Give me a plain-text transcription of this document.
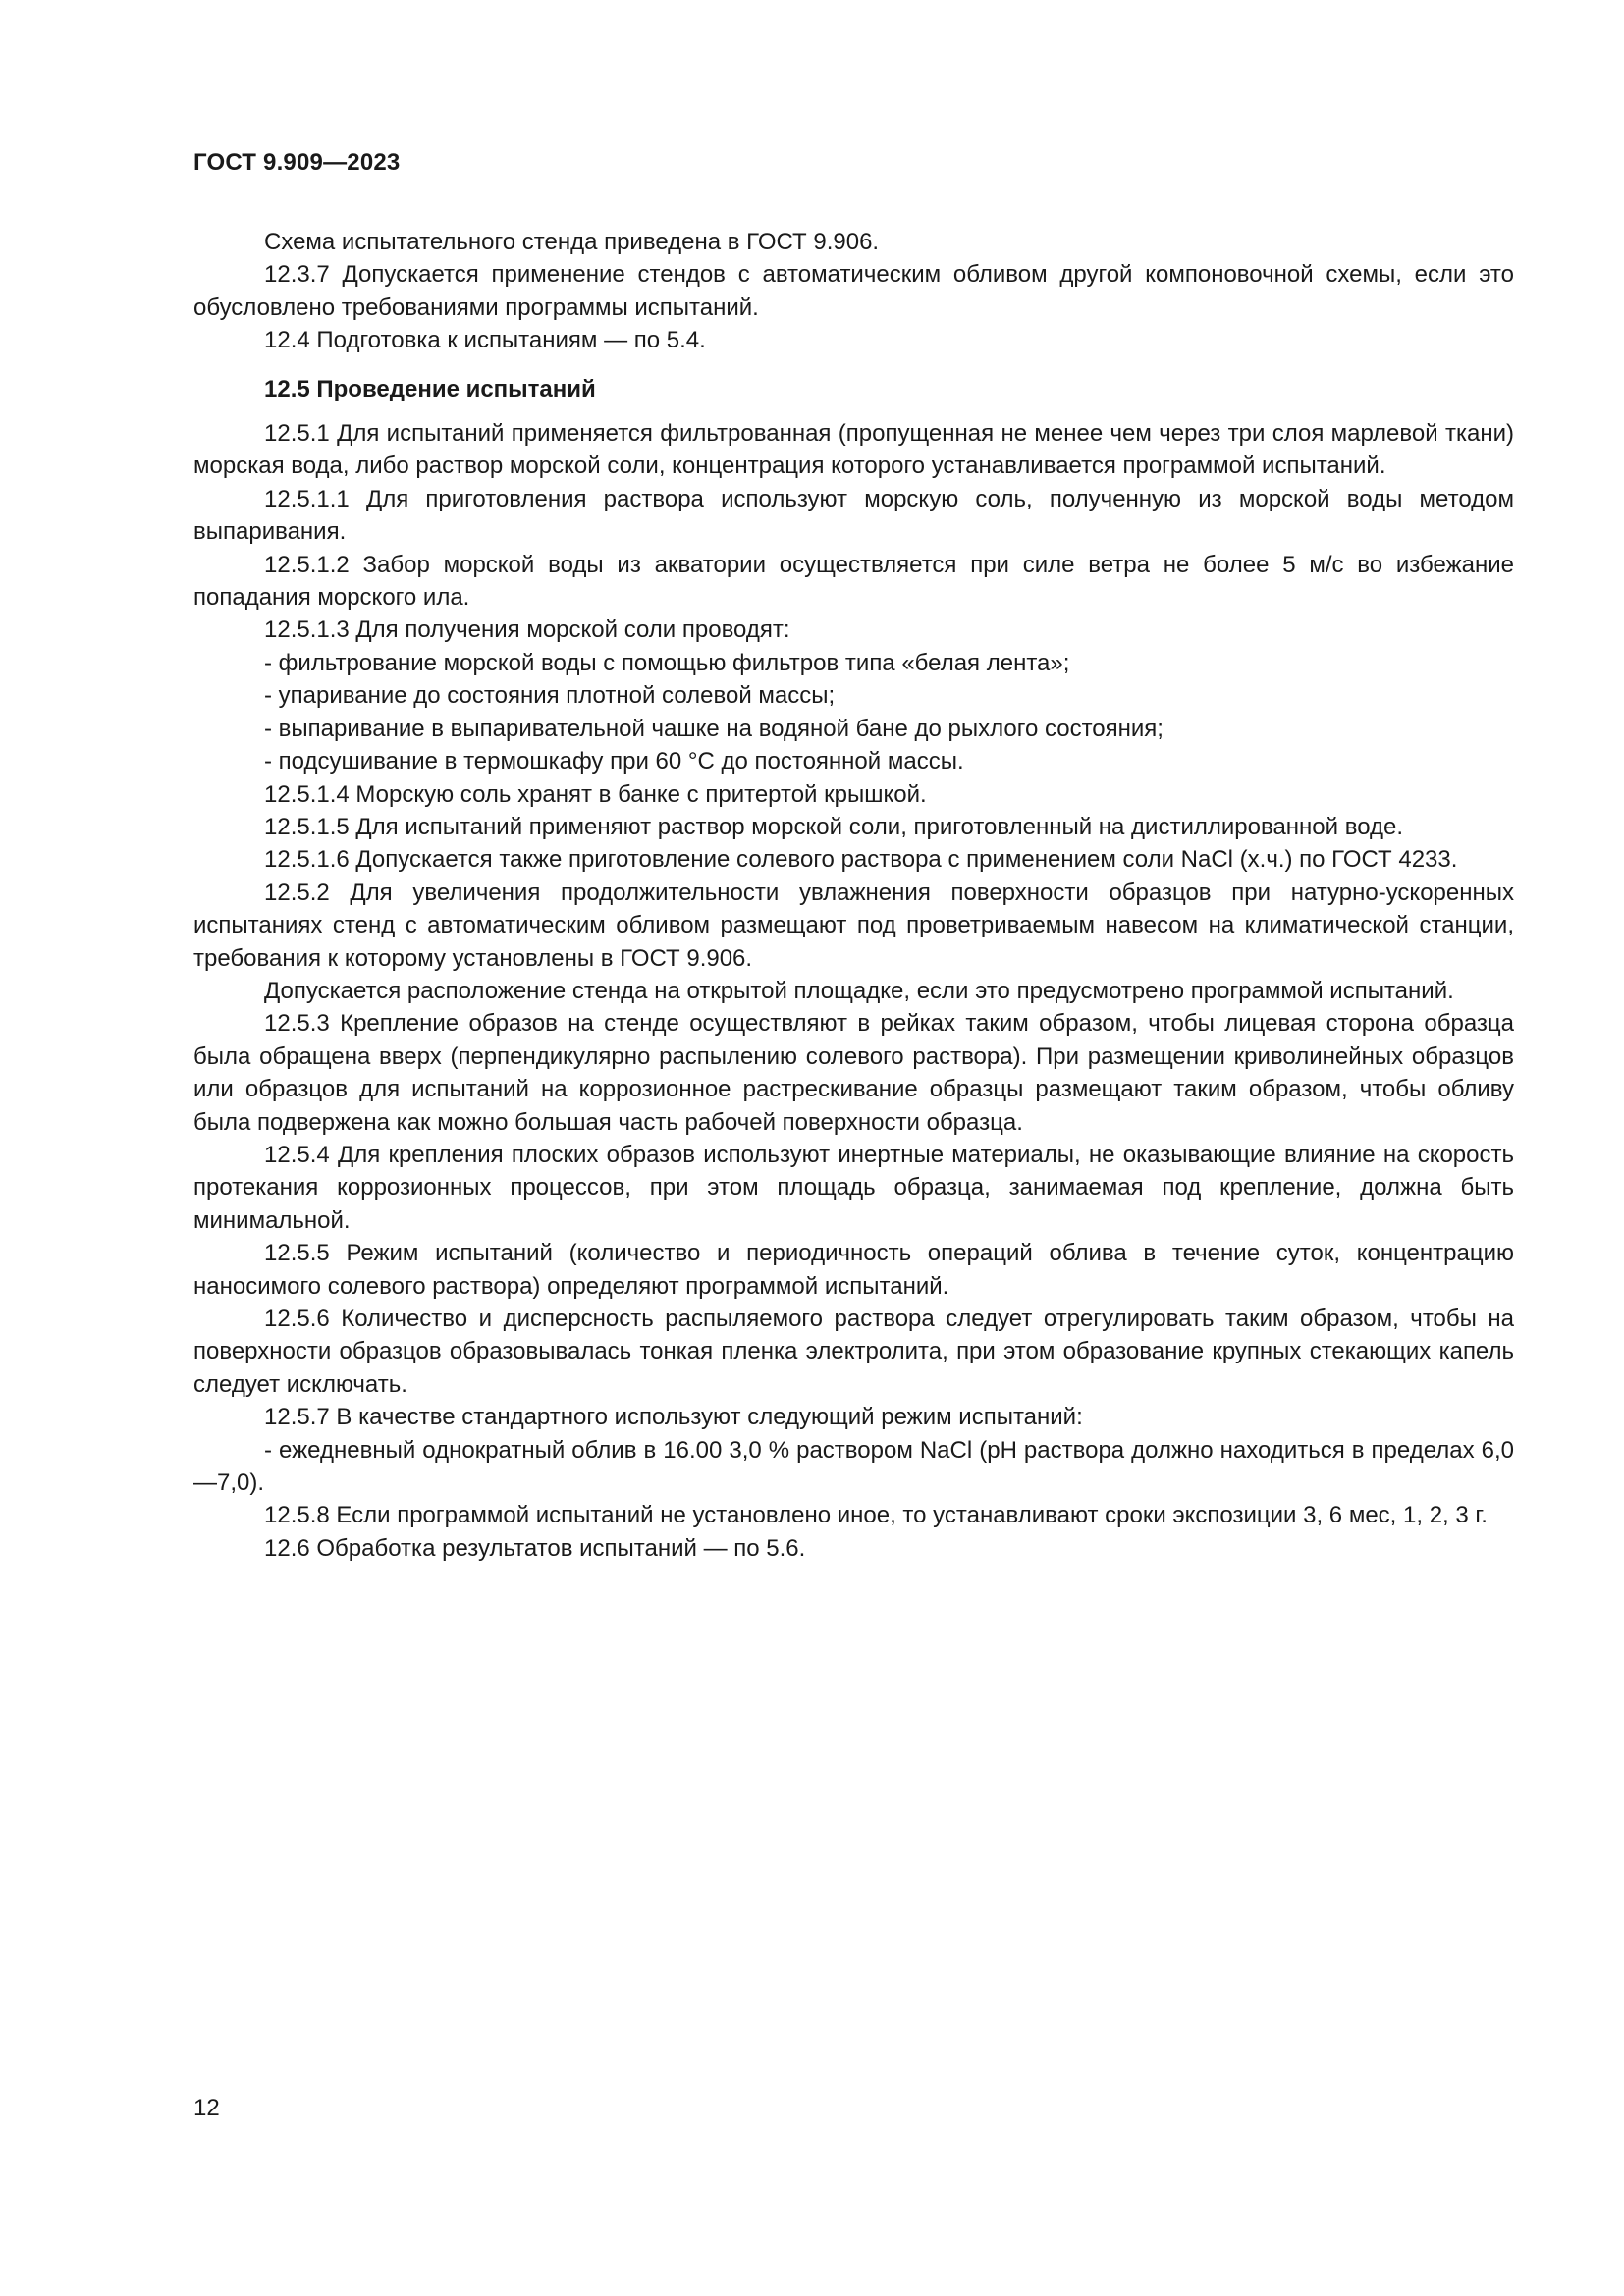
ГОСТ 9.909—2023

Схема испытательного стенда приведена в ГОСТ 9.906.

12.3.7 Допускается применение стендов с автоматическим обливом другой компоновочной схемы, если это обусловлено требованиями программы испытаний.

12.4 Подготовка к испытаниям — по 5.4.

12.5 Проведение испытаний

12.5.1 Для испытаний применяется фильтрованная (пропущенная не менее чем через три слоя марлевой ткани) морская вода, либо раствор морской соли, концентрация которого устанавливается программой испытаний.

12.5.1.1 Для приготовления раствора используют морскую соль, полученную из морской воды методом выпаривания.

12.5.1.2 Забор морской воды из акватории осуществляется при силе ветра не более 5 м/с во избежание попадания морского ила.

12.5.1.3 Для получения морской соли проводят:

- фильтрование морской воды с помощью фильтров типа «белая лента»;

- упаривание до состояния плотной солевой массы;

- выпаривание в выпаривательной чашке на водяной бане до рыхлого состояния;

- подсушивание в термошкафу при 60 °С до постоянной массы.

12.5.1.4 Морскую соль хранят в банке с притертой крышкой.

12.5.1.5 Для испытаний применяют раствор морской соли, приготовленный на дистиллированной воде.

12.5.1.6 Допускается также приготовление солевого раствора с применением соли NaCl (х.ч.) по ГОСТ 4233.

12.5.2 Для увеличения продолжительности увлажнения поверхности образцов при натурно-ускоренных испытаниях стенд с автоматическим обливом размещают под проветриваемым навесом на климатической станции, требования к которому установлены в ГОСТ 9.906.

Допускается расположение стенда на открытой площадке, если это предусмотрено программой испытаний.

12.5.3 Крепление образов на стенде осуществляют в рейках таким образом, чтобы лицевая сторона образца была обращена вверх (перпендикулярно распылению солевого раствора). При размещении криволинейных образцов или образцов для испытаний на коррозионное растрескивание образцы размещают таким образом, чтобы обливу была подвержена как можно большая часть рабочей поверхности образца.

12.5.4 Для крепления плоских образов используют инертные материалы, не оказывающие влияние на скорость протекания коррозионных процессов, при этом площадь образца, занимаемая под крепление, должна быть минимальной.

12.5.5 Режим испытаний (количество и периодичность операций облива в течение суток, концентрацию наносимого солевого раствора) определяют программой испытаний.

12.5.6 Количество и дисперсность распыляемого раствора следует отрегулировать таким образом, чтобы на поверхности образцов образовывалась тонкая пленка электролита, при этом образование крупных стекающих капель следует исключать.

12.5.7 В качестве стандартного используют следующий режим испытаний:

- ежедневный однократный облив в 16.00 3,0 % раствором NaCl (pH раствора должно находиться в пределах 6,0—7,0).

12.5.8 Если программой испытаний не установлено иное, то устанавливают сроки экспозиции 3, 6 мес, 1, 2, 3 г.

12.6 Обработка результатов испытаний — по 5.6.

12
